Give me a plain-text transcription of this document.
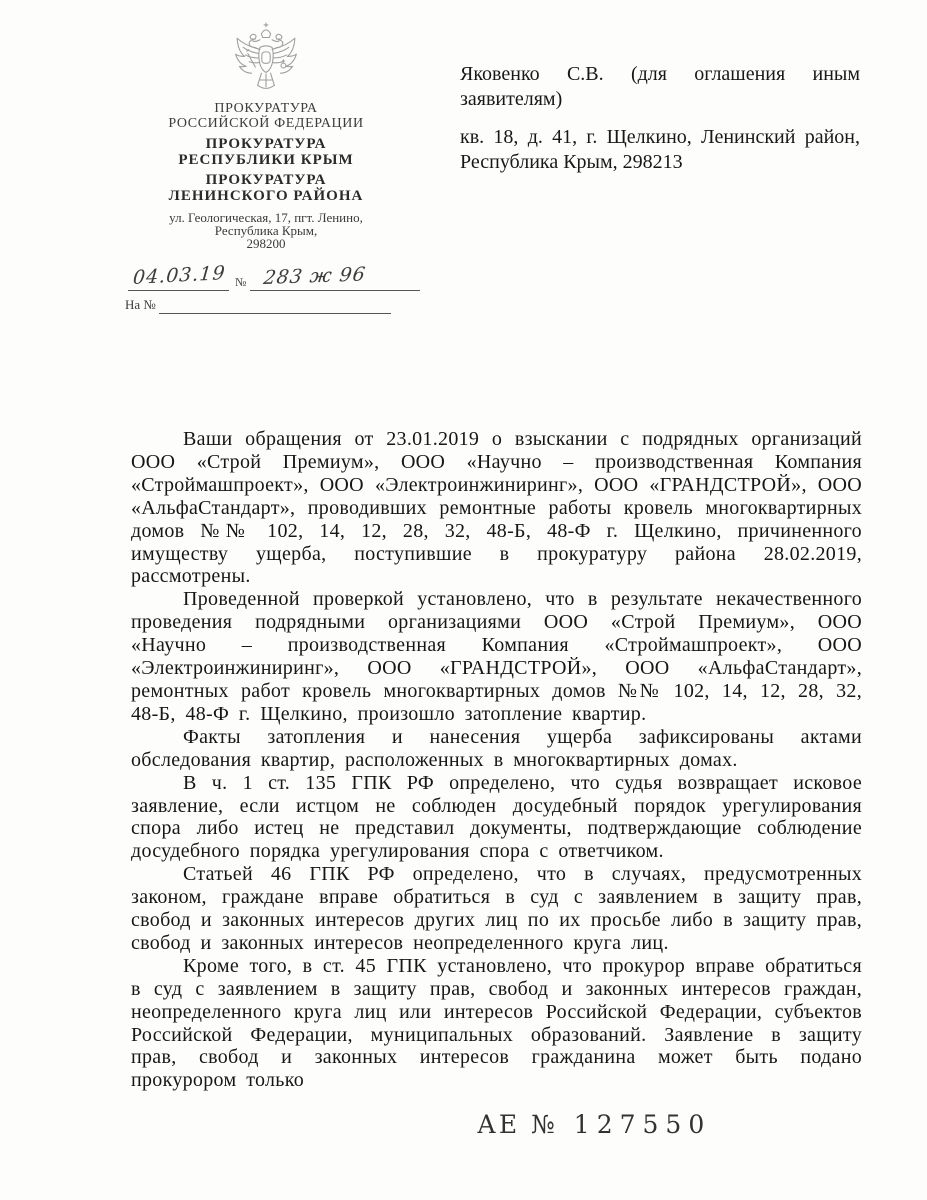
ПРОКУРАТУРА
РОССИЙСКОЙ ФЕДЕРАЦИИ
ПРОКУРАТУРА
РЕСПУБЛИКИ КРЫМ
ПРОКУРАТУРА
ЛЕНИНСКОГО РАЙОНА
ул. Геологическая, 17, пгт. Ленино,
Республика Крым,
298200
04.03.19 № 283 ж 96
На №

Яковенко С.В. (для оглашения иным заявителям)

кв. 18, д. 41, г. Щелкино, Ленинский район, Республика Крым, 298213

Ваши обращения от 23.01.2019 о взыскании с подрядных организаций ООО «Строй Премиум», ООО «Научно – производственная Компания «Строймашпроект», ООО «Электроинжиниринг», ООО «ГРАНДСТРОЙ», ООО «АльфаСтандарт», проводивших ремонтные работы кровель многоквартирных домов №№ 102, 14, 12, 28, 32, 48-Б, 48-Ф г. Щелкино, причиненного имуществу ущерба, поступившие в прокуратуру района 28.02.2019, рассмотрены.

Проведенной проверкой установлено, что в результате некачественного проведения подрядными организациями ООО «Строй Премиум», ООО «Научно – производственная Компания «Строймашпроект», ООО «Электроинжиниринг», ООО «ГРАНДСТРОЙ», ООО «АльфаСтандарт», ремонтных работ кровель многоквартирных домов №№ 102, 14, 12, 28, 32, 48-Б, 48-Ф г. Щелкино, произошло затопление квартир.

Факты затопления и нанесения ущерба зафиксированы актами обследования квартир, расположенных в многоквартирных домах.

В ч. 1 ст. 135 ГПК РФ определено, что судья возвращает исковое заявление, если истцом не соблюден досудебный порядок урегулирования спора либо истец не представил документы, подтверждающие соблюдение досудебного порядка урегулирования спора с ответчиком.

Статьей 46 ГПК РФ определено, что в случаях, предусмотренных законом, граждане вправе обратиться в суд с заявлением в защиту прав, свобод и законных интересов других лиц по их просьбе либо в защиту прав, свобод и законных интересов неопределенного круга лиц.

Кроме того, в ст. 45 ГПК установлено, что прокурор вправе обратиться в суд с заявлением в защиту прав, свобод и законных интересов граждан, неопределенного круга лиц или интересов Российской Федерации, субъектов Российской Федерации, муниципальных образований. Заявление в защиту прав, свобод и законных интересов гражданина может быть подано прокурором только

АЕ № 127550
